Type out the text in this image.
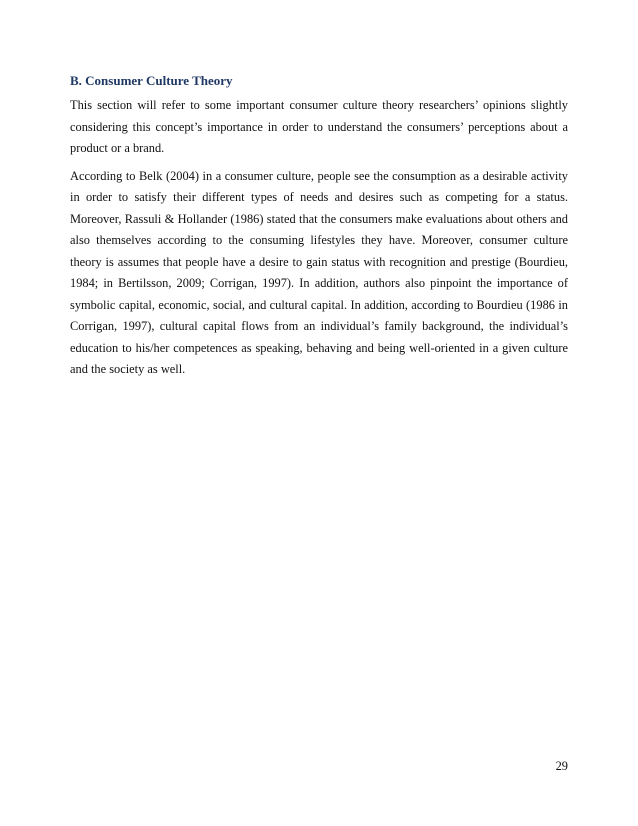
B. Consumer Culture Theory

This section will refer to some important consumer culture theory researchers’ opinions slightly considering this concept’s importance in order to understand the consumers’ perceptions about a product or a brand.

According to Belk (2004) in a consumer culture, people see the consumption as a desirable activity in order to satisfy their different types of needs and desires such as competing for a status. Moreover, Rassuli & Hollander (1986) stated that the consumers make evaluations about others and also themselves according to the consuming lifestyles they have. Moreover, consumer culture theory is assumes that people have a desire to gain status with recognition and prestige (Bourdieu, 1984; in Bertilsson, 2009; Corrigan, 1997). In addition, authors also pinpoint the importance of symbolic capital, economic, social, and cultural capital. In addition, according to Bourdieu (1986 in Corrigan, 1997), cultural capital flows from an individual’s family background, the individual’s education to his/her competences as speaking, behaving and being well-oriented in a given culture and the society as well.

29
